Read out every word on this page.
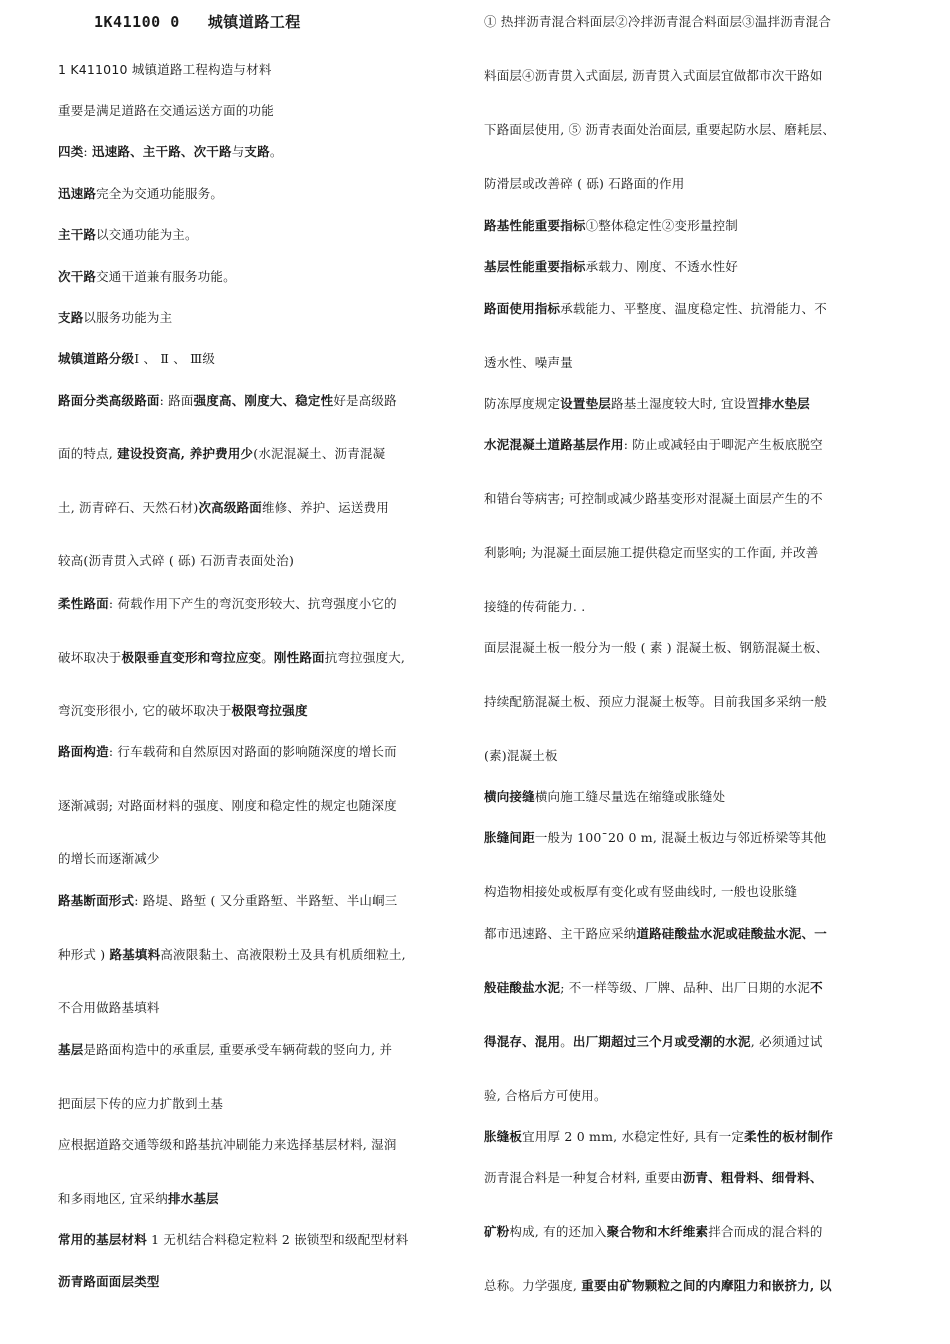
1K41100 0 城镇道路工程
1 K411010 城镇道路工程构造与材料
重要是满足道路在交通运送方面的功能
四类: 迅速路、主干路、次干路与支路。
迅速路完全为交通功能服务。
主干路以交通功能为主。
次干路交通干道兼有服务功能。
支路以服务功能为主
城镇道路分级Ⅰ 、 Ⅱ 、 Ⅲ级
路面分类高级路面: 路面强度高、刚度大、稳定性好是高级路
面的特点, 建设投资高, 养护费用少(水泥混凝土、沥青混凝
土, 沥青碎石、天然石材)次高级路面维修、养护、运送费用
较高(沥青贯入式碎 ( 砾) 石沥青表面处治)
柔性路面: 荷载作用下产生的弯沉变形较大、抗弯强度小它的
破坏取决于极限垂直变形和弯拉应变。刚性路面抗弯拉强度大,
弯沉变形很小, 它的破坏取决于极限弯拉强度
路面构造: 行车载荷和自然原因对路面的影响随深度的增长而
逐渐减弱; 对路面材料的强度、刚度和稳定性的规定也随深度
的增长而逐渐减少
路基断面形式: 路堤、路堑 ( 又分重路堑、半路堑、半山峒三
种形式 ) 路基填料高液限黏土、高液限粉土及具有机质细粒土,
不合用做路基填料
基层是路面构造中的承重层, 重要承受车辆荷载的竖向力, 并
把面层下传的应力扩散到土基
应根据道路交通等级和路基抗冲刷能力来选择基层材料, 湿润
和多雨地区, 宜采纳排水基层
常用的基层材料 1 无机结合料稳定粒料 2 嵌锁型和级配型材料
沥青路面面层类型
① 热拌沥青混合料面层②冷拌沥青混合料面层③温拌沥青混合
料面层④沥青贯入式面层, 沥青贯入式面层宜做都市次干路如
下路面层使用, ⑤ 沥青表面处治面层, 重要起防水层、磨耗层、
防滑层或改善碎 ( 砾) 石路面的作用
路基性能重要指标①整体稳定性②变形量控制
基层性能重要指标承载力、刚度、不透水性好
路面使用指标承载能力、平整度、温度稳定性、抗滑能力、不
透水性、噪声量
防冻厚度规定设置垫层路基土湿度较大时, 宜设置排水垫层
水泥混凝土道路基层作用: 防止或减轻由于唧泥产生板底脱空
和错台等病害; 可控制或减少路基变形对混凝土面层产生的不
利影响; 为混凝土面层施工提供稳定而坚实的工作面, 并改善
接缝的传荷能力. .
面层混凝土板一般分为一般 ( 素 ) 混凝土板、钢筋混凝土板、
持续配筋混凝土板、预应力混凝土板等。目前我国多采纳一般
(素)混凝土板
横向接缝横向施工缝尽量选在缩缝或胀缝处
胀缝间距一般为 100¯20 0 m, 混凝土板边与邻近桥梁等其他
构造物相接处或板厚有变化或有竖曲线时, 一般也设胀缝
都市迅速路、主干路应采纳道路硅酸盐水泥或硅酸盐水泥、一
般硅酸盐水泥; 不一样等级、厂牌、品种、出厂日期的水泥不
得混存、混用。出厂期超过三个月或受潮的水泥, 必须通过试
验, 合格后方可使用。
胀缝板宜用厚 2 0 mm, 水稳定性好, 具有一定柔性的板材制作
沥青混合料是一种复合材料, 重要由沥青、粗骨料、细骨料、
矿粉构成, 有的还加入聚合物和木纤维素拌合而成的混合料的
总称。力学强度, 重要由矿物颗粒之间的内摩阻力和嵌挤力, 以
